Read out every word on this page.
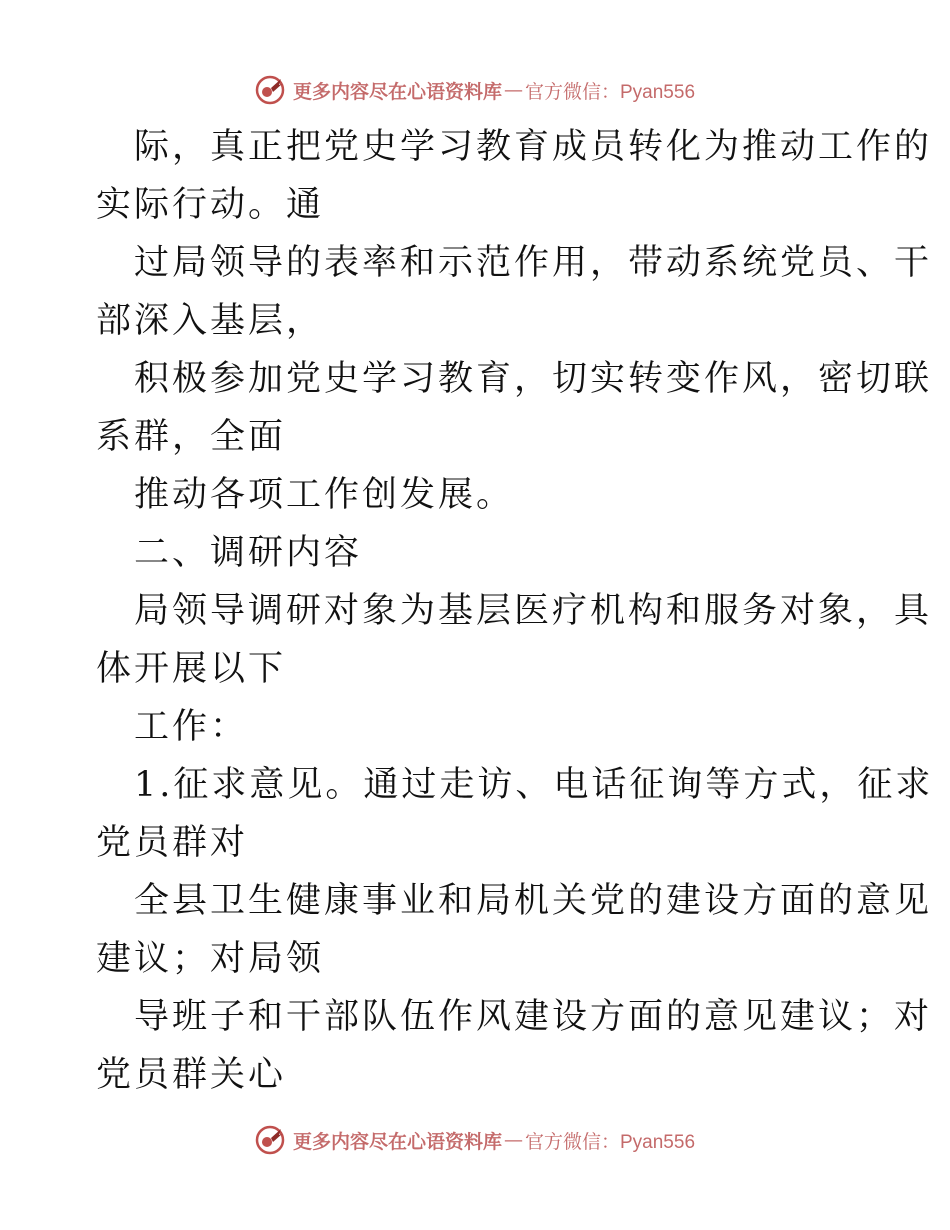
更多内容尽在心语资料库 — 官方微信：Pyan556
际，真正把党史学习教育成员转化为推动工作的
实际行动。通
过局领导的表率和示范作用，带动系统党员、干
部深入基层，
积极参加党史学习教育，切实转变作风，密切联
系群，全面
推动各项工作创发展。
二、调研内容
局领导调研对象为基层医疗机构和服务对象，具
体开展以下
工作：
1.征求意见。通过走访、电话征询等方式，征求
党员群对
全县卫生健康事业和局机关党的建设方面的意见
建议；对局领
导班子和干部队伍作风建设方面的意见建议；对
党员群关心
更多内容尽在心语资料库 — 官方微信：Pyan556
